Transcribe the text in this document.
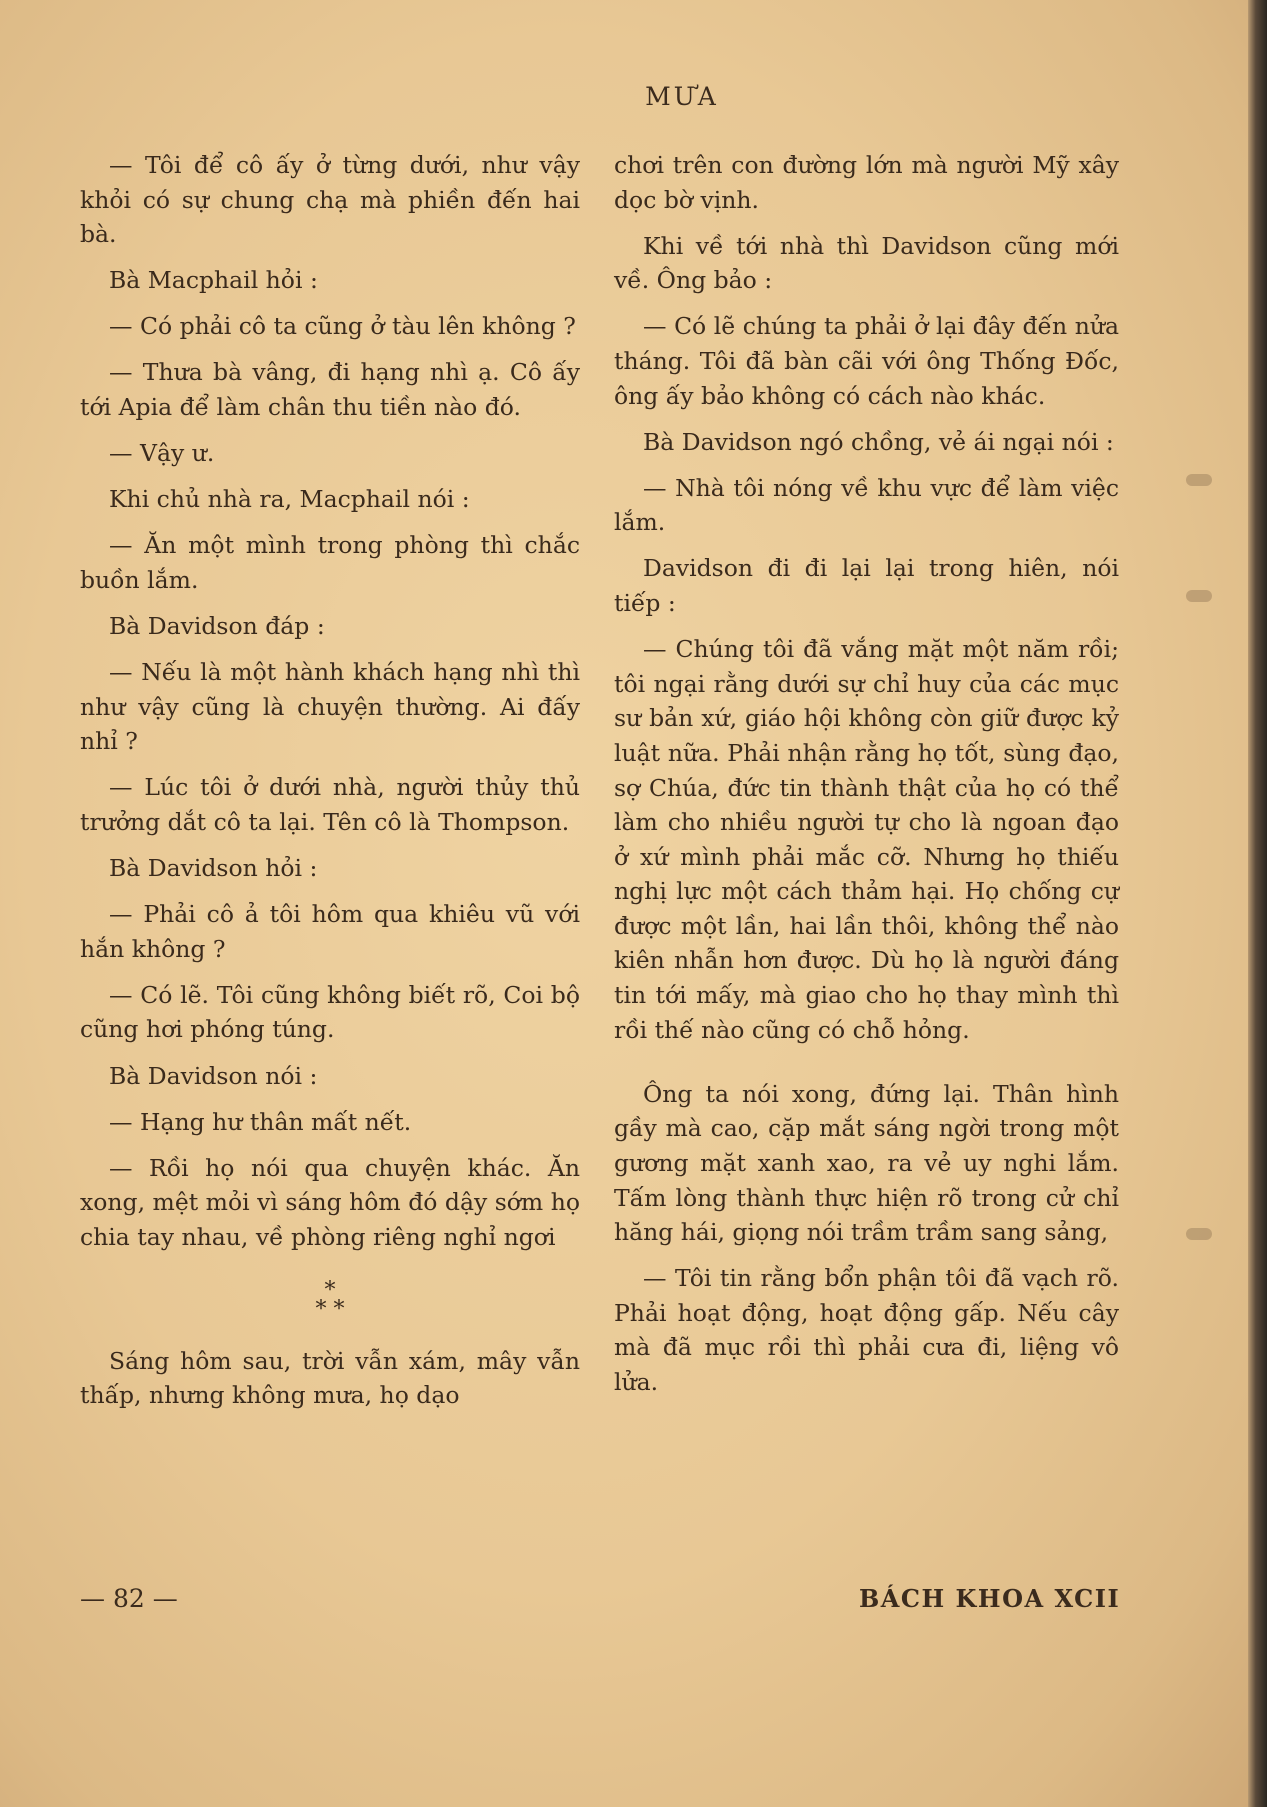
MƯA

— Tôi để cô ấy ở từng dưới, như vậy khỏi có sự chung chạ mà phiền đến hai bà.

Bà Macphail hỏi :

— Có phải cô ta cũng ở tàu lên không ?

— Thưa bà vâng, đi hạng nhì ạ. Cô ấy tới Apia để làm chân thu tiền nào đó.

— Vậy ư.

Khi chủ nhà ra, Macphail nói :

— Ăn một mình trong phòng thì chắc buồn lắm.

Bà Davidson đáp :

— Nếu là một hành khách hạng nhì thì như vậy cũng là chuyện thường. Ai đấy nhỉ ?

— Lúc tôi ở dưới nhà, người thủy thủ trưởng dắt cô ta lại. Tên cô là Thompson.

Bà Davidson hỏi :

— Phải cô ả tôi hôm qua khiêu vũ với hắn không ?

— Có lẽ. Tôi cũng không biết rõ, Coi bộ cũng hơi phóng túng.

Bà Davidson nói :

— Hạng hư thân mất nết.

— Rồi họ nói qua chuyện khác. Ăn xong, mệt mỏi vì sáng hôm đó dậy sớm họ chia tay nhau, về phòng riêng nghỉ ngơi

*
* *

Sáng hôm sau, trời vẫn xám, mây vẫn thấp, nhưng không mưa, họ dạo

chơi trên con đường lớn mà người Mỹ xây dọc bờ vịnh.

Khi về tới nhà thì Davidson cũng mới về. Ông bảo :

— Có lẽ chúng ta phải ở lại đây đến nửa tháng. Tôi đã bàn cãi với ông Thống Đốc, ông ấy bảo không có cách nào khác.

Bà Davidson ngó chồng, vẻ ái ngại nói :

— Nhà tôi nóng về khu vực để làm việc lắm.

Davidson đi đi lại lại trong hiên, nói tiếp :

— Chúng tôi đã vắng mặt một năm rồi; tôi ngại rằng dưới sự chỉ huy của các mục sư bản xứ, giáo hội không còn giữ được kỷ luật nữa. Phải nhận rằng họ tốt, sùng đạo, sợ Chúa, đức tin thành thật của họ có thể làm cho nhiều người tự cho là ngoan đạo ở xứ mình phải mắc cỡ. Nhưng họ thiếu nghị lực một cách thảm hại. Họ chống cự được một lần, hai lần thôi, không thể nào kiên nhẫn hơn được. Dù họ là người đáng tin tới mấy, mà giao cho họ thay mình thì rồi thế nào cũng có chỗ hỏng.

Ông ta nói xong, đứng lại. Thân hình gầy mà cao, cặp mắt sáng ngời trong một gương mặt xanh xao, ra vẻ uy nghi lắm. Tấm lòng thành thực hiện rõ trong cử chỉ hăng hái, giọng nói trầm trầm sang sảng,

— Tôi tin rằng bổn phận tôi đã vạch rõ. Phải hoạt động, hoạt động gấp. Nếu cây mà đã mục rồi thì phải cưa đi, liệng vô lửa.

— 82 —	BÁCH KHOA XCII
